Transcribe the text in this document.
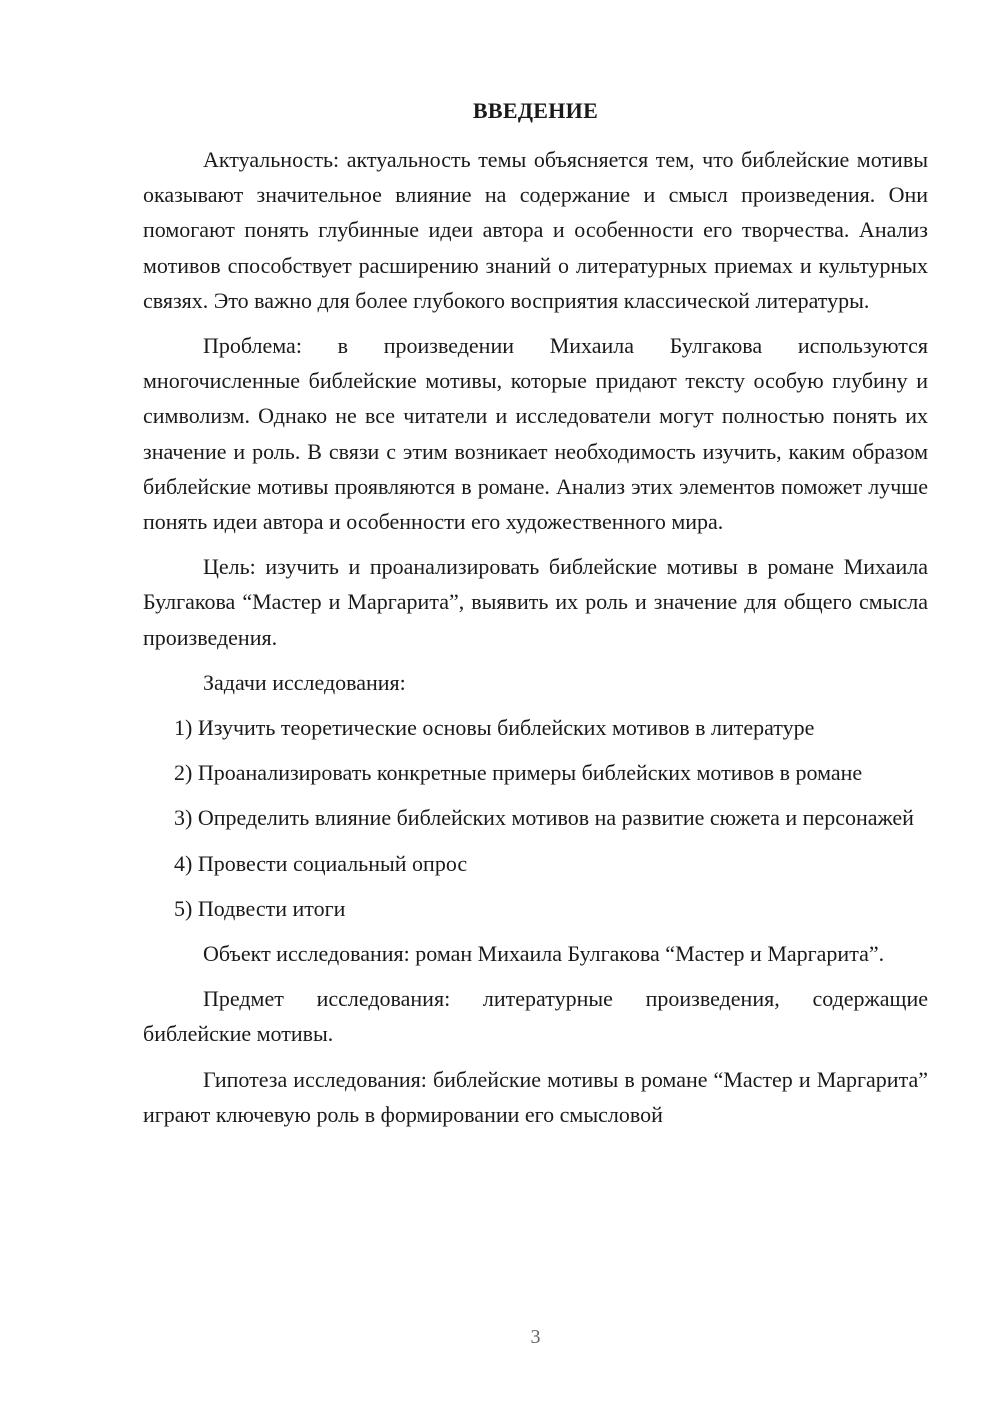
ВВЕДЕНИЕ

Актуальность: актуальность темы объясняется тем, что библейские мотивы оказывают значительное влияние на содержание и смысл произведения. Они помогают понять глубинные идеи автора и особенности его творчества. Анализ мотивов способствует расширению знаний о литературных приемах и культурных связях. Это важно для более глубокого восприятия классической литературы.

Проблема: в произведении Михаила Булгакова используются многочисленные библейские мотивы, которые придают тексту особую глубину и символизм. Однако не все читатели и исследователи могут полностью понять их значение и роль. В связи с этим возникает необходимость изучить, каким образом библейские мотивы проявляются в романе. Анализ этих элементов поможет лучше понять идеи автора и особенности его художественного мира.

Цель: изучить и проанализировать библейские мотивы в романе Михаила Булгакова “Мастер и Маргарита”, выявить их роль и значение для общего смысла произведения.

Задачи исследования:

1) Изучить теоретические основы библейских мотивов в литературе

2) Проанализировать конкретные примеры библейских мотивов в романе

3) Определить влияние библейских мотивов на развитие сюжета и персонажей

4) Провести социальный опрос

5) Подвести итоги

Объект исследования: роман Михаила Булгакова “Мастер и Маргарита”.

Предмет исследования: литературные произведения, содержащие библейские мотивы.

Гипотеза исследования: библейские мотивы в романе “Мастер и Маргарита” играют ключевую роль в формировании его смысловой

3
